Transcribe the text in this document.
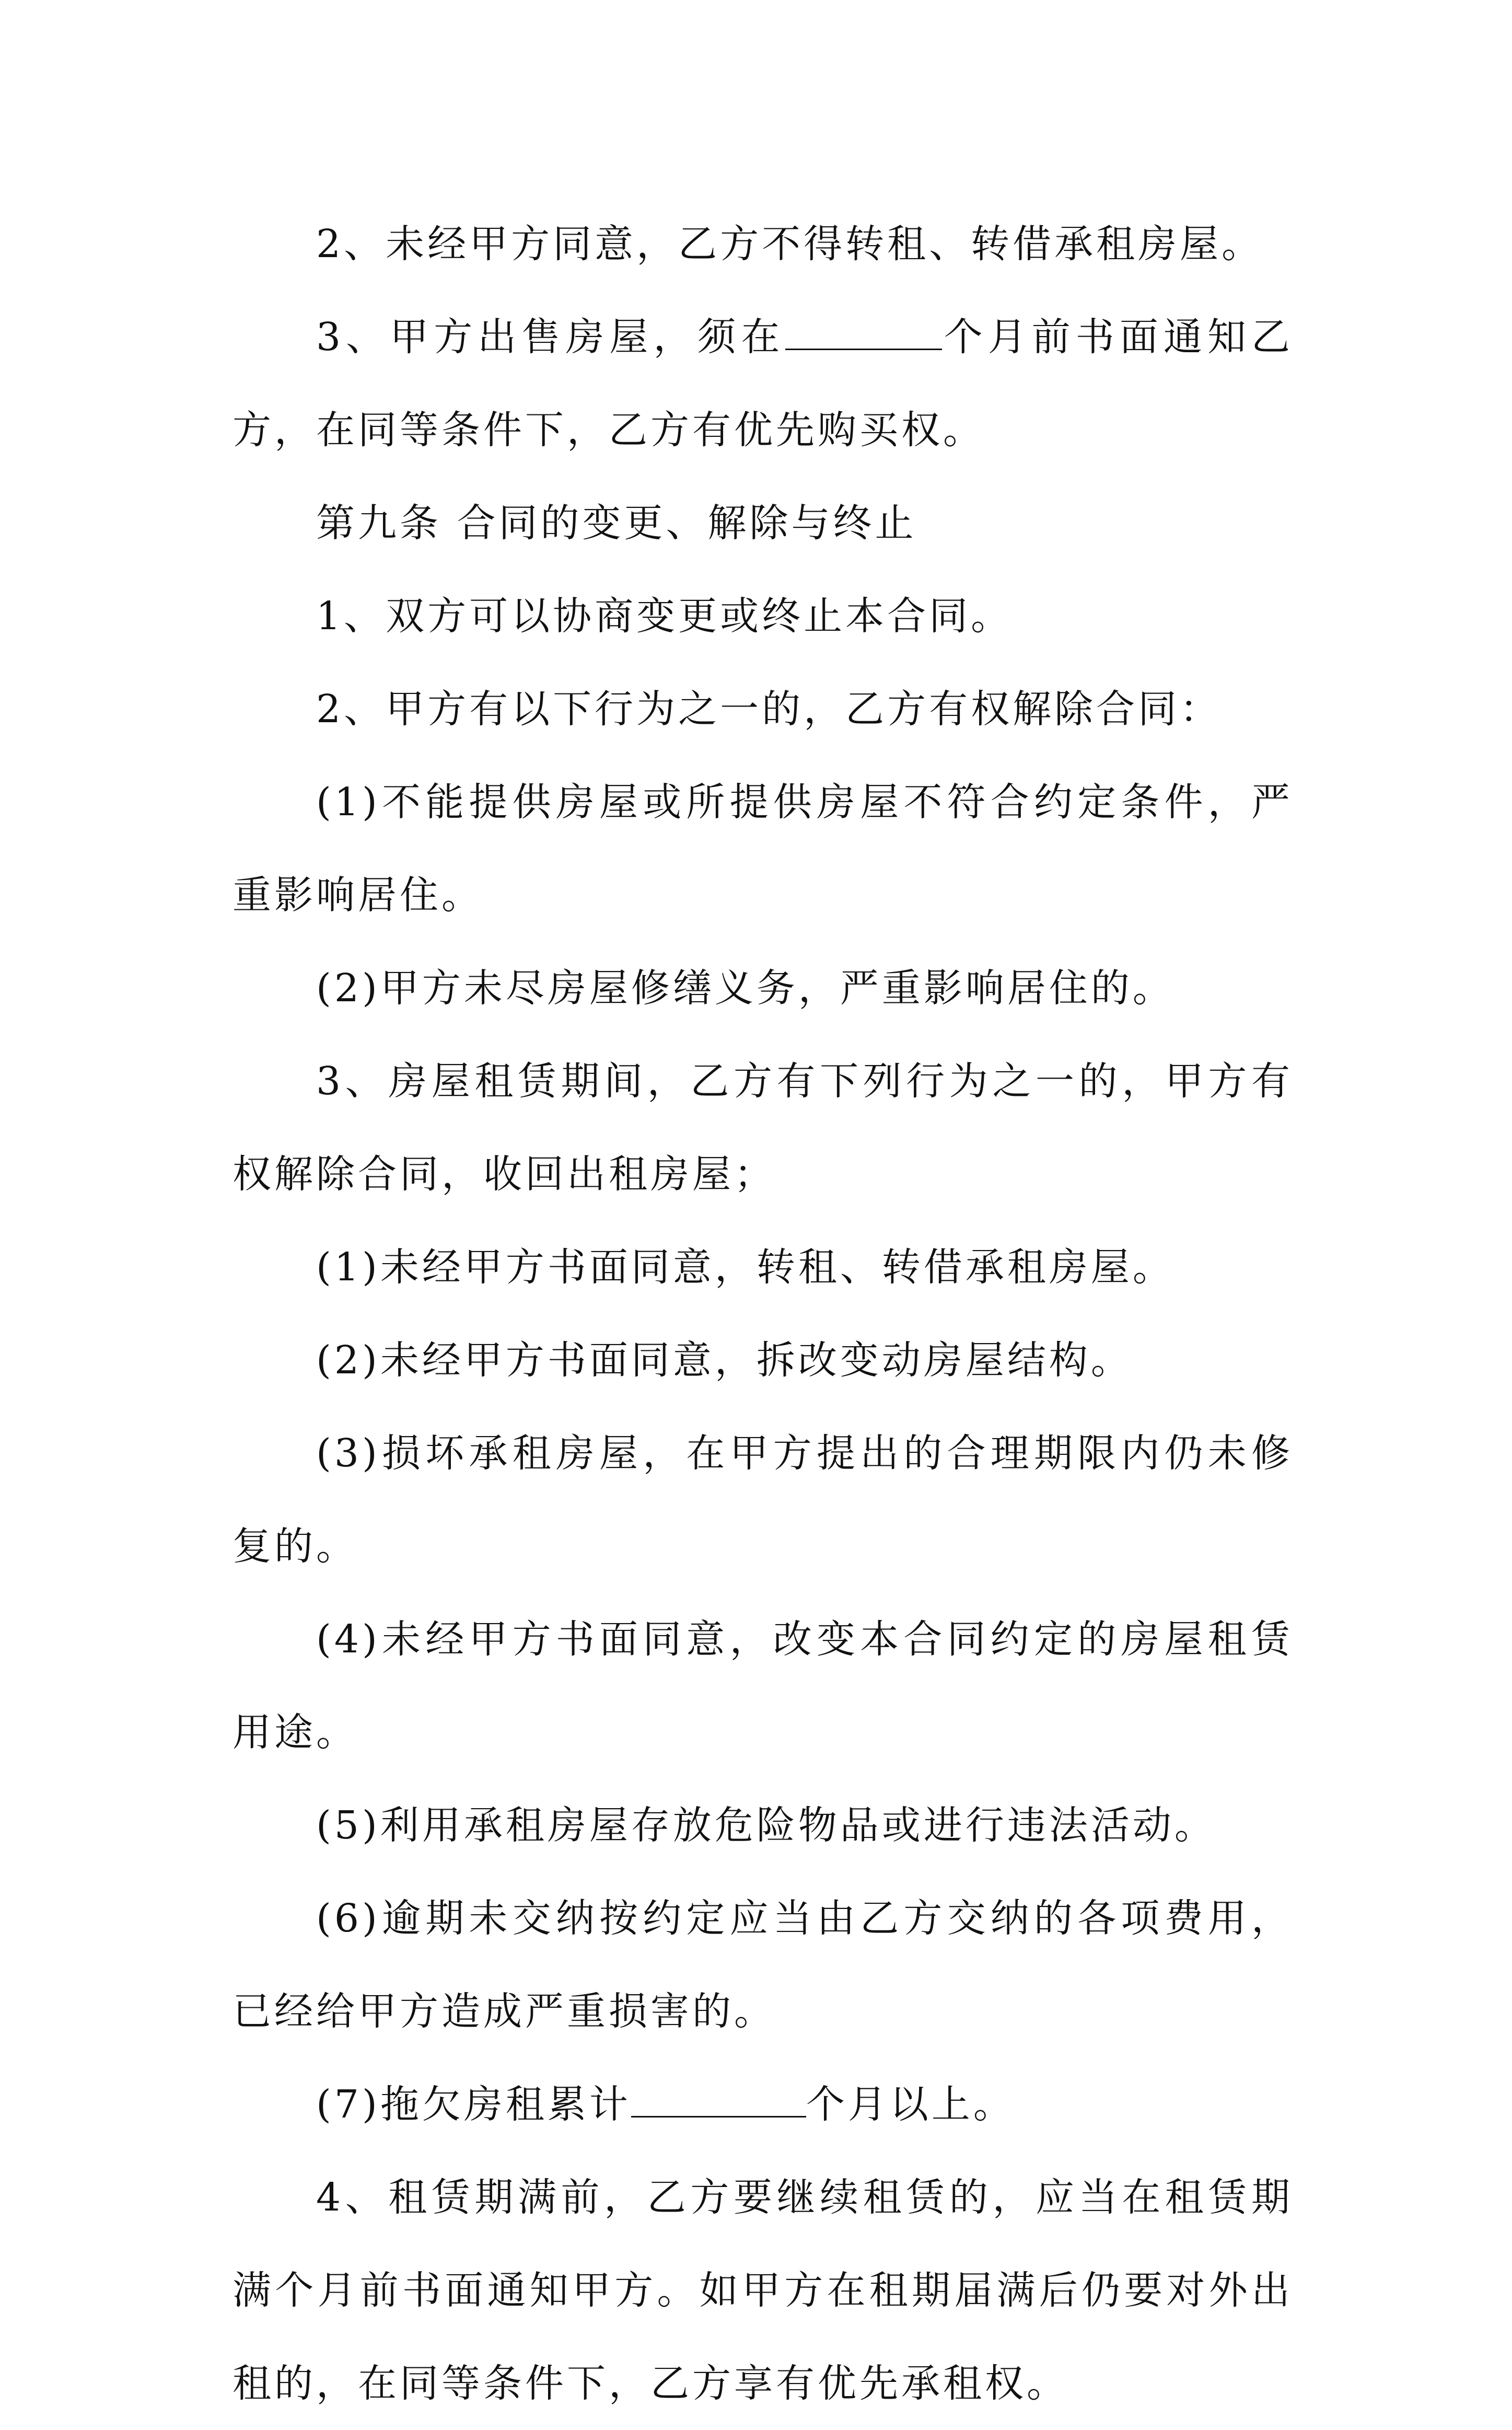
2、未经甲方同意，乙方不得转租、转借承租房屋。

3、甲方出售房屋，须在	个月前书面通知乙方，在同等条件下，乙方有优先购买权。

第九条 合同的变更、解除与终止

1、双方可以协商变更或终止本合同。

2、甲方有以下行为之一的，乙方有权解除合同：

(1)不能提供房屋或所提供房屋不符合约定条件，严重影响居住。

(2)甲方未尽房屋修缮义务，严重影响居住的。

3、房屋租赁期间，乙方有下列行为之一的，甲方有权解除合同，收回出租房屋；

(1)未经甲方书面同意，转租、转借承租房屋。

(2)未经甲方书面同意，拆改变动房屋结构。

(3)损坏承租房屋，在甲方提出的合理期限内仍未修复的。

(4)未经甲方书面同意，改变本合同约定的房屋租赁用途。

(5)利用承租房屋存放危险物品或进行违法活动。

(6)逾期未交纳按约定应当由乙方交纳的各项费用，已经给甲方造成严重损害的。

(7)拖欠房租累计	个月以上。

4、租赁期满前，乙方要继续租赁的，应当在租赁期满个月前书面通知甲方。如甲方在租期届满后仍要对外出租的，在同等条件下，乙方享有优先承租权。
